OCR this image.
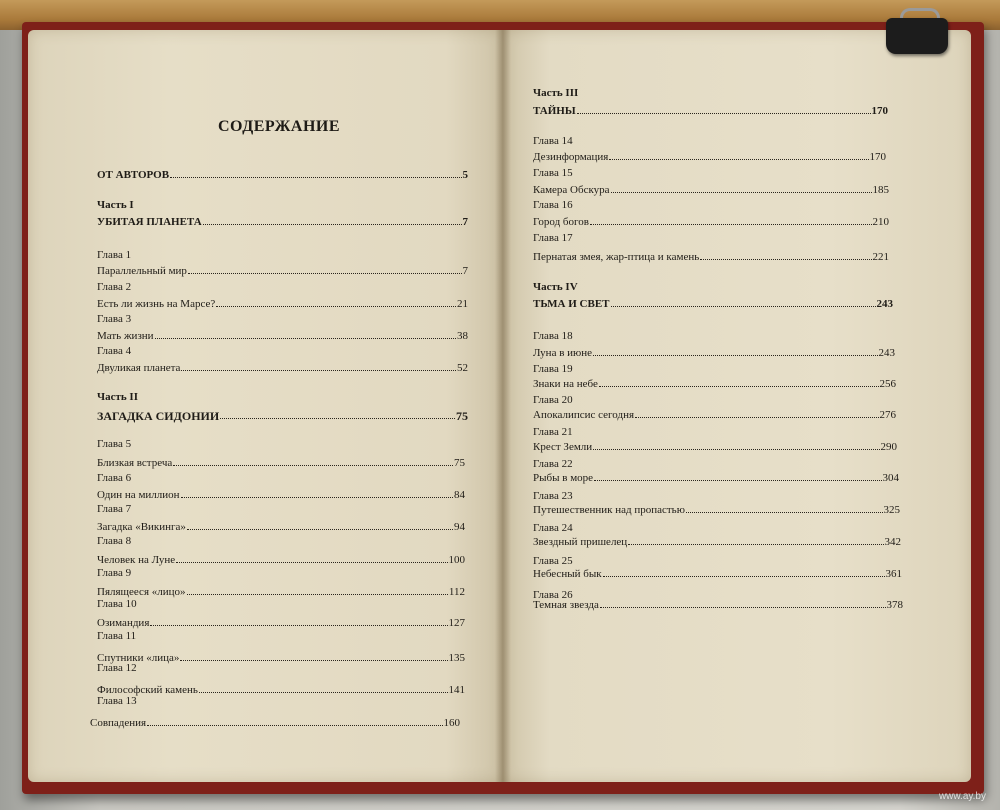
СОДЕРЖАНИЕ
ОТ АВТОРОВ	5
Часть I
УБИТАЯ ПЛАНЕТА	7
Глава 1
Параллельный мир	7
Глава 2
Есть ли жизнь на Марсе?	21
Глава 3
Мать жизни	38
Глава 4
Двуликая планета	52
Часть II
ЗАГАДКА СИДОНИИ	75
Глава 5
Близкая встреча	75
Глава 6
Один на миллион	84
Глава 7
Загадка «Викинга»	94
Глава 8
Человек на Луне	100
Глава 9
Пялящееся «лицо»	112
Глава 10
Озимандия	127
Глава 11
Спутники «лица»	135
Глава 12
Философский камень	141
Глава 13
Совпадения	160
Часть III
ТАЙНЫ	170
Глава 14
Дезинформация	170
Глава 15
Камера Обскура	185
Глава 16
Город богов	210
Глава 17
Пернатая змея, жар-птица и камень	221
Часть IV
ТЬМА И СВЕТ	243
Глава 18
Луна в июне	243
Глава 19
Знаки на небе	256
Глава 20
Апокалипсис сегодня	276
Глава 21
Крест Земли	290
Глава 22
Рыбы в море	304
Глава 23
Путешественник над пропастью	325
Глава 24
Звездный пришелец	342
Глава 25
Небесный бык	361
Глава 26
Темная звезда	378
www.ay.by
